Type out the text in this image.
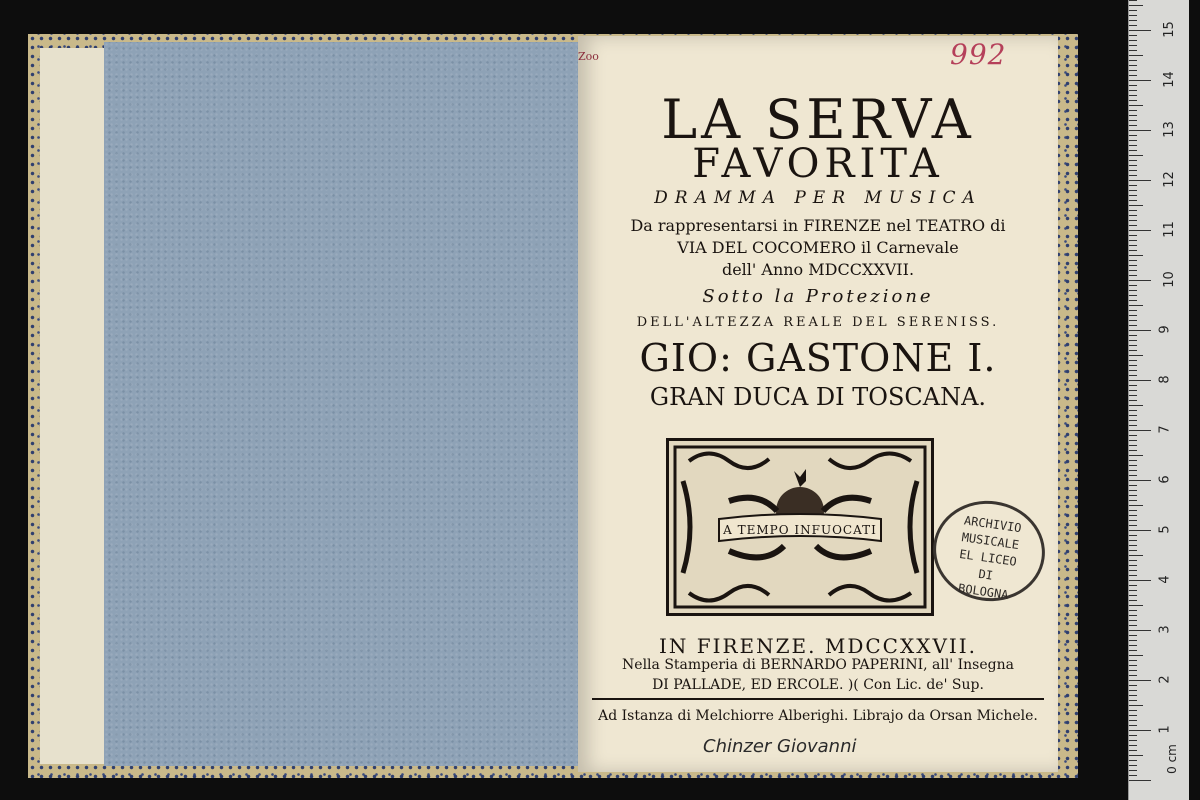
Zoo	992
LA SERVA
FAVORITA
DRAMMA PER MUSICA
Da rappresentarsi in FIRENZE nel TEATRO di
VIA DEL COCOMERO il Carnevale
dell' Anno MDCCXXVII.
Sotto la Protezione
DELL'ALTEZZA REALE DEL SERENISS.
GIO: GASTONE I.
GRAN DUCA DI TOSCANA.
A TEMPO INFUOCATI	ARCHIVIO
MUSICALE
EL LICEO
DI
BOLOGNA
IN FIRENZE. MDCCXXVII.
Nella Stamperia di BERNARDO PAPERINI, all' Insegna
DI PALLADE, ED ERCOLE. )( Con Lic. de' Sup.
Ad Istanza di Melchiorre Alberighi. Librajo da Orsan Michele.
Chinzer Giovanni
15
14
13
12
11
10
9
8
7
6
5
4
3
2
1
0 cm
